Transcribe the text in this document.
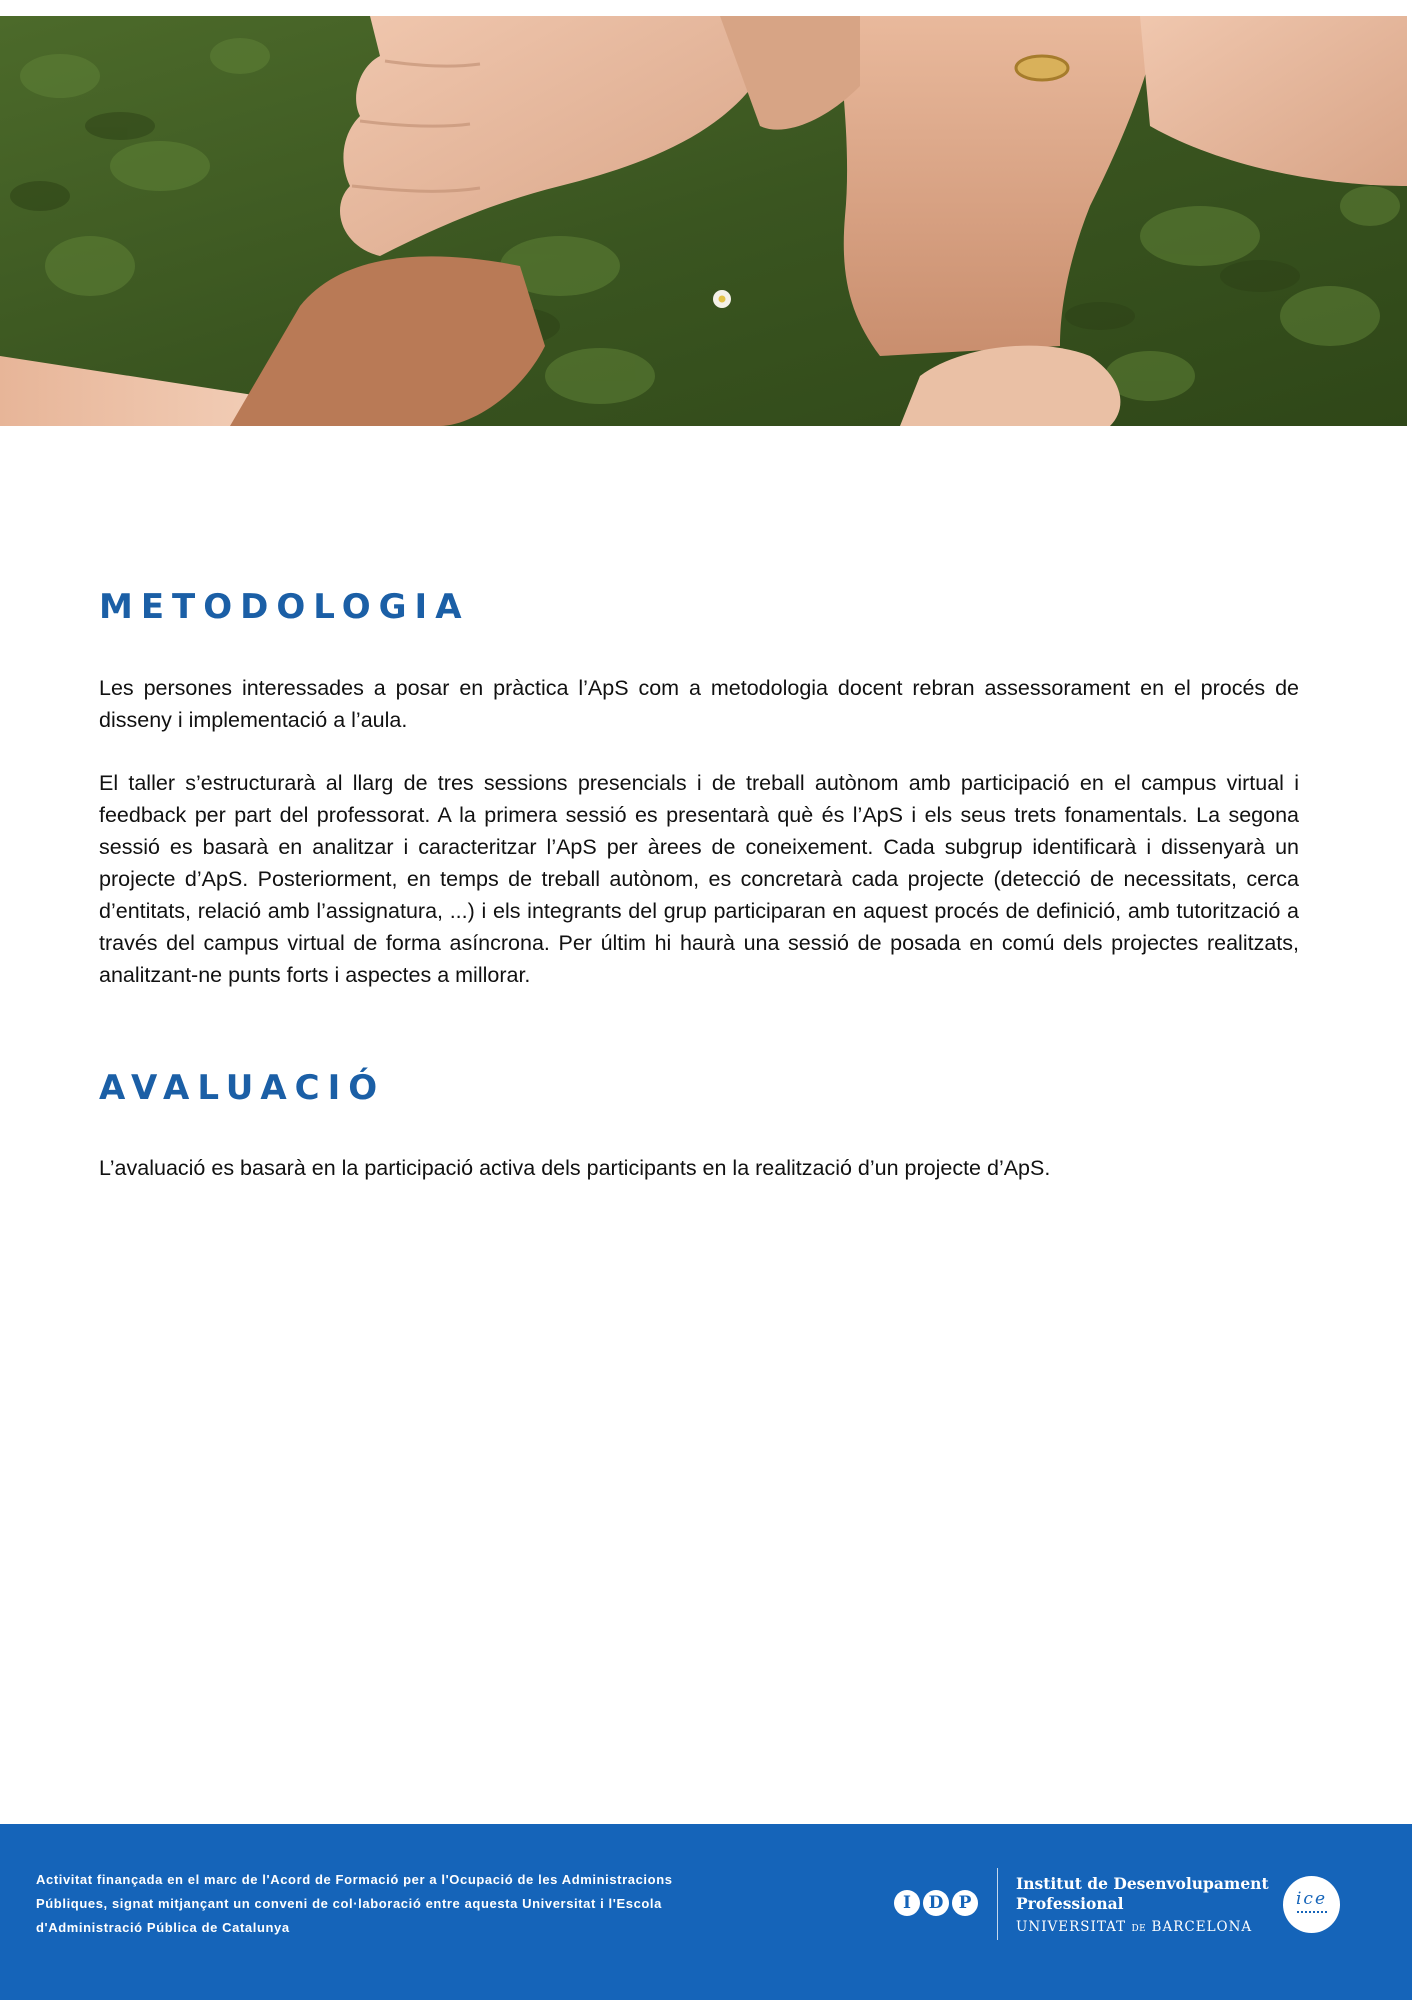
METODOLOGIA

Les persones interessades a posar en pràctica l’ApS com a metodologia docent rebran assessorament en el procés de disseny i implementació a l’aula.

El taller s’estructurarà al llarg de tres sessions presencials i de treball autònom amb participació en el campus virtual i feedback per part del professorat. A la primera sessió es presentarà què és l’ApS i els seus trets fonamentals. La segona sessió es basarà en analitzar i caracteritzar l’ApS per àrees de coneixement. Cada subgrup identificarà i dissenyarà un projecte d’ApS. Posteriorment, en temps de treball autònom, es concretarà cada projecte (detecció de necessitats, cerca d’entitats, relació amb l’assignatura, ...) i els integrants del grup participaran en aquest procés de definició, amb tutorització a través del campus virtual de forma asíncrona. Per últim hi haurà una sessió de posada en comú dels projectes realitzats, analitzant-ne punts forts i aspectes a millorar.

AVALUACIÓ

L’avaluació es basarà en la participació activa dels participants en la realització d’un projecte d’ApS.

Activitat finançada en el marc de l'Acord de Formació per a l'Ocupació de les Administracions Públiques, signat mitjançant un conveni de col·laboració entre aquesta Universitat i l'Escola d'Administració Pública de Catalunya
I	D P
Institut de Desenvolupament
Professional
UNIVERSITAT DE BARCELONA
ice
